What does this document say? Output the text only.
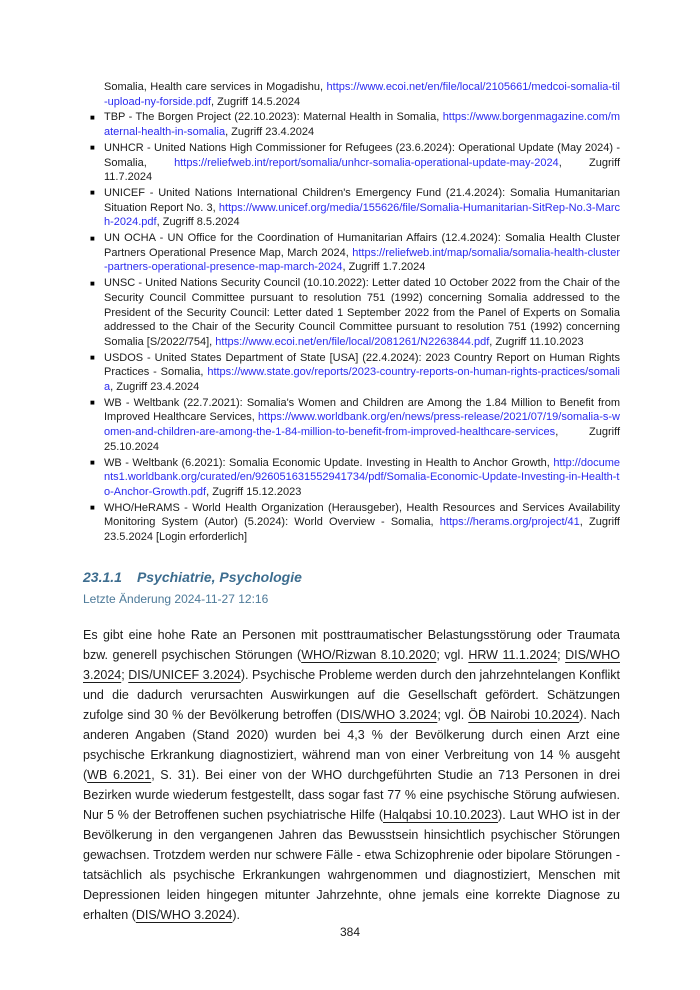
Somalia, Health care services in Mogadishu, https://www.ecoi.net/en/file/local/2105661/medcoi-somalia-til-upload-ny-forside.pdf, Zugriff 14.5.2024
■ TBP - The Borgen Project (22.10.2023): Maternal Health in Somalia, https://www.borgenmagazine.com/maternal-health-in-somalia, Zugriff 23.4.2024
■ UNHCR - United Nations High Commissioner for Refugees (23.6.2024): Operational Update (May 2024) - Somalia, https://reliefweb.int/report/somalia/unhcr-somalia-operational-update-may-2024, Zugriff 11.7.2024
■ UNICEF - United Nations International Children's Emergency Fund (21.4.2024): Somalia Humanitarian Situation Report No. 3, https://www.unicef.org/media/155626/file/Somalia-Humanitarian-SitRep-No.3-March-2024.pdf, Zugriff 8.5.2024
■ UN OCHA - UN Office for the Coordination of Humanitarian Affairs (12.4.2024): Somalia Health Cluster Partners Operational Presence Map, March 2024, https://reliefweb.int/map/somalia/somalia-health-cluster-partners-operational-presence-map-march-2024, Zugriff 1.7.2024
■ UNSC - United Nations Security Council (10.10.2022): Letter dated 10 October 2022 from the Chair of the Security Council Committee pursuant to resolution 751 (1992) concerning Somalia addressed to the President of the Security Council: Letter dated 1 September 2022 from the Panel of Experts on Somalia addressed to the Chair of the Security Council Committee pursuant to resolution 751 (1992) concerning Somalia [S/2022/754], https://www.ecoi.net/en/file/local/2081261/N2263844.pdf, Zugriff 11.10.2023
■ USDOS - United States Department of State [USA] (22.4.2024): 2023 Country Report on Human Rights Practices - Somalia, https://www.state.gov/reports/2023-country-reports-on-human-rights-practices/somalia, Zugriff 23.4.2024
■ WB - Weltbank (22.7.2021): Somalia's Women and Children are Among the 1.84 Million to Benefit from Improved Healthcare Services, https://www.worldbank.org/en/news/press-release/2021/07/19/somalia-s-women-and-children-are-among-the-1-84-million-to-benefit-from-improved-healthcare-services, Zugriff 25.10.2024
■ WB - Weltbank (6.2021): Somalia Economic Update. Investing in Health to Anchor Growth, http://documents1.worldbank.org/curated/en/926051631552941734/pdf/Somalia-Economic-Update-Investing-in-Health-to-Anchor-Growth.pdf, Zugriff 15.12.2023
■ WHO/HeRAMS - World Health Organization (Herausgeber), Health Resources and Services Availability Monitoring System (Autor) (5.2024): World Overview - Somalia, https://herams.org/project/41, Zugriff 23.5.2024 [Login erforderlich]
23.1.1 Psychiatrie, Psychologie
Letzte Änderung 2024-11-27 12:16

Es gibt eine hohe Rate an Personen mit posttraumatischer Belastungsstörung oder Traumata bzw. generell psychischen Störungen (WHO/Rizwan 8.10.2020; vgl. HRW 11.1.2024; DIS/WHO 3.2024; DIS/UNICEF 3.2024). Psychische Probleme werden durch den jahrzehntelangen Konflikt und die dadurch verursachten Auswirkungen auf die Gesellschaft gefördert. Schätzungen zufolge sind 30 % der Bevölkerung betroffen (DIS/WHO 3.2024; vgl. ÖB Nairobi 10.2024). Nach anderen Angaben (Stand 2020) wurden bei 4,3 % der Bevölkerung durch einen Arzt eine psychische Erkrankung diagnostiziert, während man von einer Verbreitung von 14 % ausgeht (WB 6.2021, S. 31). Bei einer von der WHO durchgeführten Studie an 713 Personen in drei Bezirken wurde wiederum festgestellt, dass sogar fast 77 % eine psychische Störung aufwiesen. Nur 5 % der Betroffenen suchen psychiatrische Hilfe (Halqabsi 10.10.2023). Laut WHO ist in der Bevölkerung in den vergangenen Jahren das Bewusstsein hinsichtlich psychischer Störungen gewachsen. Trotzdem werden nur schwere Fälle - etwa Schizophrenie oder bipolare Störungen - tatsächlich als psychische Erkrankungen wahrgenommen und diagnostiziert, Menschen mit Depressionen leiden hingegen mitunter Jahrzehnte, ohne jemals eine korrekte Diagnose zu erhalten (DIS/WHO 3.2024).

384
